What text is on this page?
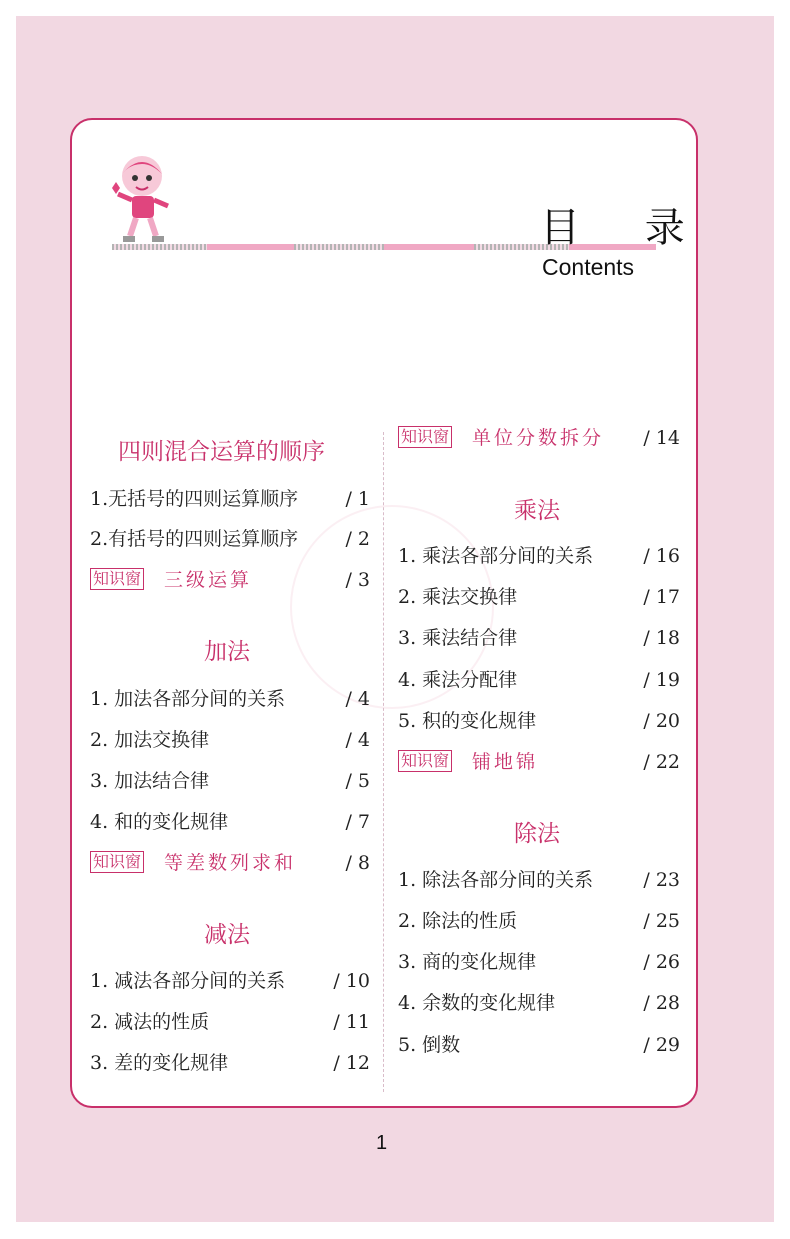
目 录
Contents
四则混合运算的顺序
1.无括号的四则运算顺序 / 1
2.有括号的四则运算顺序 / 2
知识窗 三级运算	/ 3
加法
1. 加法各部分间的关系	/ 4
2. 加法交换律	/ 4
3. 加法结合律	/ 5
4. 和的变化规律	/ 7
知识窗 等差数列求和	/ 8
减法
1. 减法各部分间的关系	/ 10
2. 减法的性质	/ 11
3. 差的变化规律	/ 12
知识窗 单位分数拆分 / 14
乘法
1. 乘法各部分间的关系	/ 16
2. 乘法交换律	/ 17
3. 乘法结合律	/ 18
4. 乘法分配律	/ 19
5. 积的变化规律	/ 20
知识窗 铺地锦	/ 22
除法
1. 除法各部分间的关系	/ 23
2. 除法的性质	/ 25
3. 商的变化规律	/ 26
4. 余数的变化规律	/ 28
5. 倒数	/ 29
1
